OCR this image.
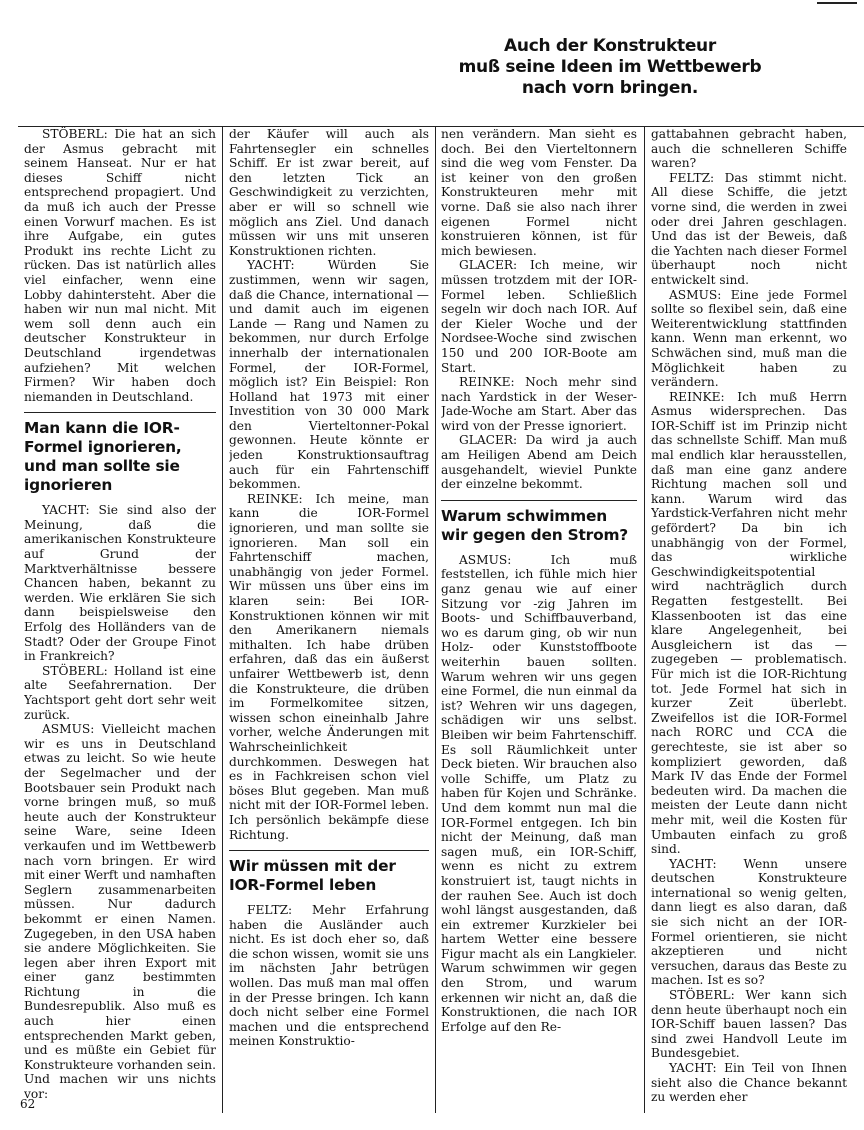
Auch der Konstrukteur
muß seine Ideen im Wettbewerb
nach vorn bringen.

STÖBERL: Die hat an sich der Asmus gebracht mit seinem Hanseat. Nur er hat dieses Schiff nicht entsprechend propagiert. Und da muß ich auch der Presse einen Vorwurf machen. Es ist ihre Aufgabe, ein gutes Produkt ins rechte Licht zu rücken. Das ist natürlich alles viel einfacher, wenn eine Lobby dahintersteht. Aber die haben wir nun mal nicht. Mit wem soll denn auch ein deutscher Konstrukteur in Deutschland irgendetwas aufziehen? Mit welchen Firmen? Wir haben doch niemanden in Deutschland.

Man kann die IOR-Formel ignorieren, und man sollte sie ignorieren

YACHT: Sie sind also der Meinung, daß die amerikanischen Konstrukteure auf Grund der Marktverhältnisse bessere Chancen haben, bekannt zu werden. Wie erklären Sie sich dann beispielsweise den Erfolg des Holländers van de Stadt? Oder der Groupe Finot in Frankreich?

STÖBERL: Holland ist eine alte Seefahrernation. Der Yachtsport geht dort sehr weit zurück.

ASMUS: Vielleicht machen wir es uns in Deutschland etwas zu leicht. So wie heute der Segelmacher und der Bootsbauer sein Produkt nach vorne bringen muß, so muß heute auch der Konstrukteur seine Ware, seine Ideen verkaufen und im Wettbewerb nach vorn bringen. Er wird mit einer Werft und namhaften Seglern zusammenarbeiten müssen. Nur dadurch bekommt er einen Namen. Zugegeben, in den USA haben sie andere Möglichkeiten. Sie legen aber ihren Export mit einer ganz bestimmten Richtung in die Bundesrepublik. Also muß es auch hier einen entsprechenden Markt geben, und es müßte ein Gebiet für Konstrukteure vorhanden sein. Und machen wir uns nichts vor:

der Käufer will auch als Fahrtensegler ein schnelles Schiff. Er ist zwar bereit, auf den letzten Tick an Geschwindigkeit zu verzichten, aber er will so schnell wie möglich ans Ziel. Und danach müssen wir uns mit unseren Konstruktionen richten.

YACHT: Würden Sie zustimmen, wenn wir sagen, daß die Chance, international — und damit auch im eigenen Lande — Rang und Namen zu bekommen, nur durch Erfolge innerhalb der internationalen Formel, der IOR-Formel, möglich ist? Ein Beispiel: Ron Holland hat 1973 mit einer Investition von 30 000 Mark den Vierteltonner-Pokal gewonnen. Heute könnte er jeden Konstruktionsauftrag auch für ein Fahrtenschiff bekommen.

REINKE: Ich meine, man kann die IOR-Formel ignorieren, und man sollte sie ignorieren. Man soll ein Fahrtenschiff machen, unabhängig von jeder Formel. Wir müssen uns über eins im klaren sein: Bei IOR-Konstruktionen können wir mit den Amerikanern niemals mithalten. Ich habe drüben erfahren, daß das ein äußerst unfairer Wettbewerb ist, denn die Konstrukteure, die drüben im Formelkomitee sitzen, wissen schon eineinhalb Jahre vorher, welche Änderungen mit Wahrscheinlichkeit durchkommen. Deswegen hat es in Fachkreisen schon viel böses Blut gegeben. Man muß nicht mit der IOR-Formel leben. Ich persönlich bekämpfe diese Richtung.

Wir müssen mit der IOR-Formel leben

FELTZ: Mehr Erfahrung haben die Ausländer auch nicht. Es ist doch eher so, daß die schon wissen, womit sie uns im nächsten Jahr betrügen wollen. Das muß man mal offen in der Presse bringen. Ich kann doch nicht selber eine Formel machen und die entsprechend meinen Konstruktio-

nen verändern. Man sieht es doch. Bei den Vierteltonnern sind die weg vom Fenster. Da ist keiner von den großen Konstrukteuren mehr mit vorne. Daß sie also nach ihrer eigenen Formel nicht konstruieren können, ist für mich bewiesen.

GLACER: Ich meine, wir müssen trotzdem mit der IOR-Formel leben. Schließlich segeln wir doch nach IOR. Auf der Kieler Woche und der Nordsee-Woche sind zwischen 150 und 200 IOR-Boote am Start.

REINKE: Noch mehr sind nach Yardstick in der Weser-Jade-Woche am Start. Aber das wird von der Presse ignoriert.

GLACER: Da wird ja auch am Heiligen Abend am Deich ausgehandelt, wieviel Punkte der einzelne bekommt.

Warum schwimmen wir gegen den Strom?

ASMUS: Ich muß feststellen, ich fühle mich hier ganz genau wie auf einer Sitzung vor -zig Jahren im Boots- und Schiffbauverband, wo es darum ging, ob wir nun Holz- oder Kunststoffboote weiterhin bauen sollten. Warum wehren wir uns gegen eine Formel, die nun einmal da ist? Wehren wir uns dagegen, schädigen wir uns selbst. Bleiben wir beim Fahrtenschiff. Es soll Räumlichkeit unter Deck bieten. Wir brauchen also volle Schiffe, um Platz zu haben für Kojen und Schränke. Und dem kommt nun mal die IOR-Formel entgegen. Ich bin nicht der Meinung, daß man sagen muß, ein IOR-Schiff, wenn es nicht zu extrem konstruiert ist, taugt nichts in der rauhen See. Auch ist doch wohl längst ausgestanden, daß ein extremer Kurzkieler bei hartem Wetter eine bessere Figur macht als ein Langkieler. Warum schwimmen wir gegen den Strom, und warum erkennen wir nicht an, daß die Konstruktionen, die nach IOR Erfolge auf den Re-

gattabahnen gebracht haben, auch die schnelleren Schiffe waren?

FELTZ: Das stimmt nicht. All diese Schiffe, die jetzt vorne sind, die werden in zwei oder drei Jahren geschlagen. Und das ist der Beweis, daß die Yachten nach dieser Formel überhaupt noch nicht entwickelt sind.

ASMUS: Eine jede Formel sollte so flexibel sein, daß eine Weiterentwicklung stattfinden kann. Wenn man erkennt, wo Schwächen sind, muß man die Möglichkeit haben zu verändern.

REINKE: Ich muß Herrn Asmus widersprechen. Das IOR-Schiff ist im Prinzip nicht das schnellste Schiff. Man muß mal endlich klar herausstellen, daß man eine ganz andere Richtung machen soll und kann. Warum wird das Yardstick-Verfahren nicht mehr gefördert? Da bin ich unabhängig von der Formel, das wirkliche Geschwindigkeitspotential wird nachträglich durch Regatten festgestellt. Bei Klassenbooten ist das eine klare Angelegenheit, bei Ausgleichern ist das — zugegeben — problematisch. Für mich ist die IOR-Richtung tot. Jede Formel hat sich in kurzer Zeit überlebt. Zweifellos ist die IOR-Formel nach RORC und CCA die gerechteste, sie ist aber so kompliziert geworden, daß Mark IV das Ende der Formel bedeuten wird. Da machen die meisten der Leute dann nicht mehr mit, weil die Kosten für Umbauten einfach zu groß sind.

YACHT: Wenn unsere deutschen Konstrukteure international so wenig gelten, dann liegt es also daran, daß sie sich nicht an der IOR-Formel orientieren, sie nicht akzeptieren und nicht versuchen, daraus das Beste zu machen. Ist es so?

STÖBERL: Wer kann sich denn heute überhaupt noch ein IOR-Schiff bauen lassen? Das sind zwei Handvoll Leute im Bundesgebiet.

YACHT: Ein Teil von Ihnen sieht also die Chance bekannt zu werden eher

62
